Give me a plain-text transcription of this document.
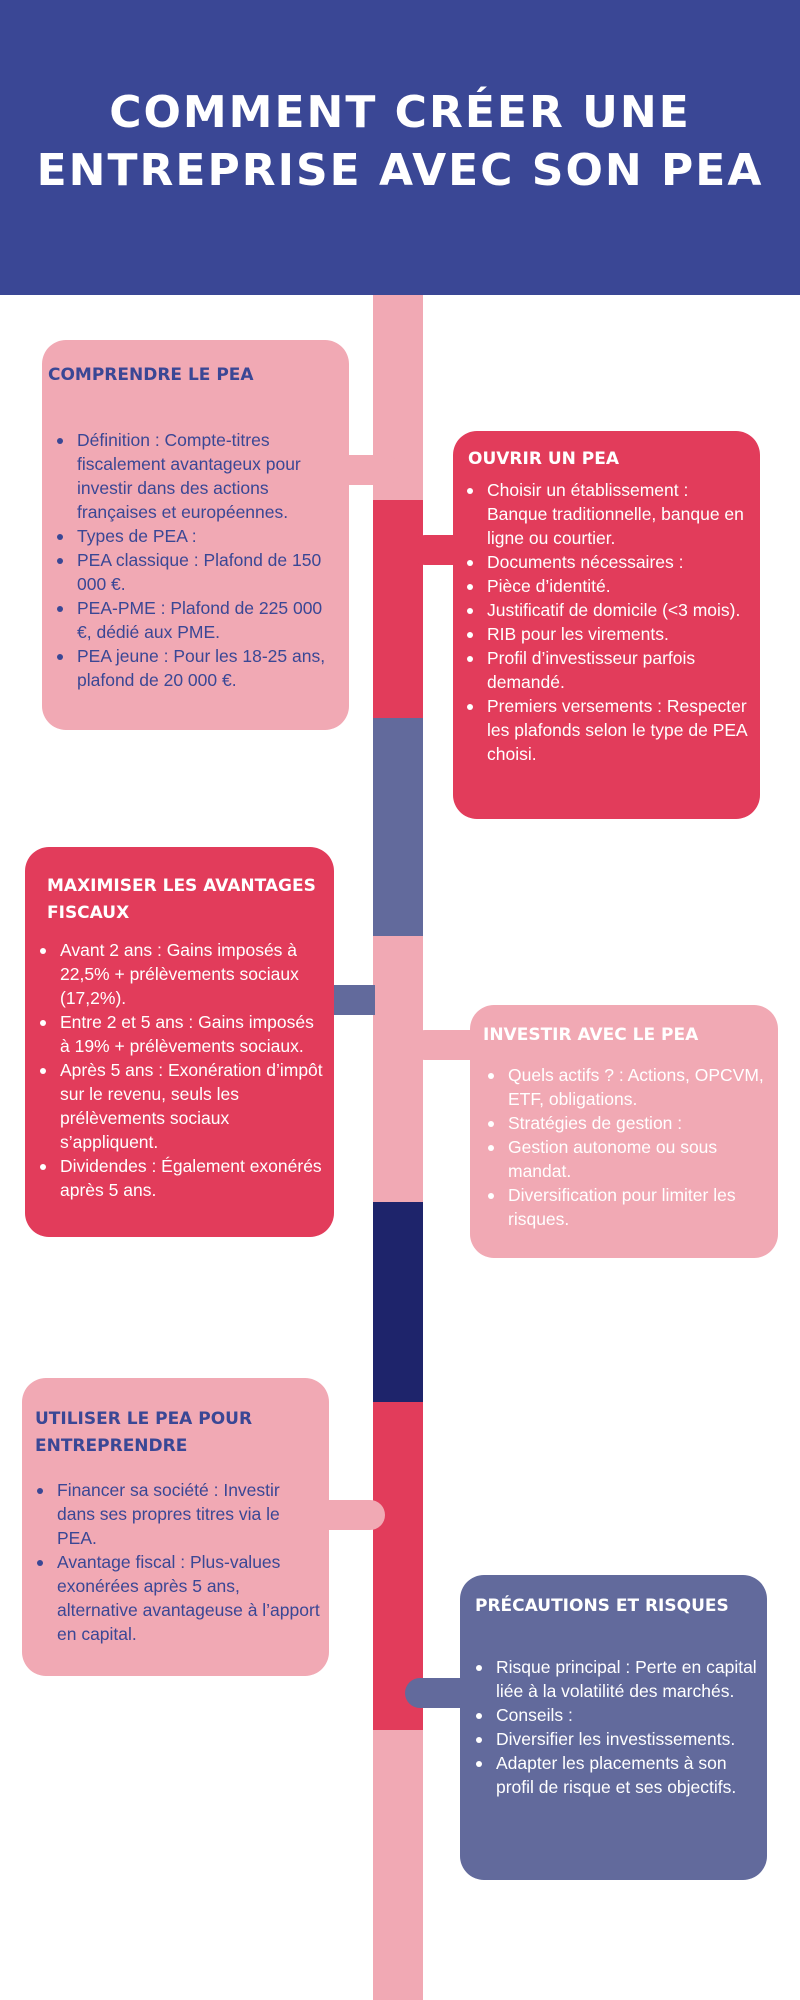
COMMENT CRÉER UNE ENTREPRISE AVEC SON PEA
COMPRENDRE LE PEA
Définition : Compte-titres fiscalement avantageux pour investir dans des actions françaises et européennes.
Types de PEA :
PEA classique : Plafond de 150 000 €.
PEA-PME : Plafond de 225 000 €, dédié aux PME.
PEA jeune : Pour les 18-25 ans, plafond de 20 000 €.
OUVRIR UN PEA
Choisir un établissement : Banque traditionnelle, banque en ligne ou courtier.
Documents nécessaires :
Pièce d’identité.
Justificatif de domicile (<3 mois).
RIB pour les virements.
Profil d’investisseur parfois demandé.
Premiers versements : Respecter les plafonds selon le type de PEA choisi.
MAXIMISER LES AVANTAGES FISCAUX
Avant 2 ans : Gains imposés à 22,5% + prélèvements sociaux (17,2%).
Entre 2 et 5 ans : Gains imposés à 19% + prélèvements sociaux.
Après 5 ans : Exonération d’impôt sur le revenu, seuls les prélèvements sociaux s’appliquent.
Dividendes : Également exonérés après 5 ans.
INVESTIR AVEC LE PEA
Quels actifs ? : Actions, OPCVM, ETF, obligations.
Stratégies de gestion :
Gestion autonome ou sous mandat.
Diversification pour limiter les risques.
UTILISER LE PEA POUR ENTREPRENDRE
Financer sa société : Investir dans ses propres titres via le PEA.
Avantage fiscal : Plus-values exonérées après 5 ans, alternative avantageuse à l’apport en capital.
PRÉCAUTIONS ET RISQUES
Risque principal : Perte en capital liée à la volatilité des marchés.
Conseils :
Diversifier les investissements.
Adapter les placements à son profil de risque et ses objectifs.
